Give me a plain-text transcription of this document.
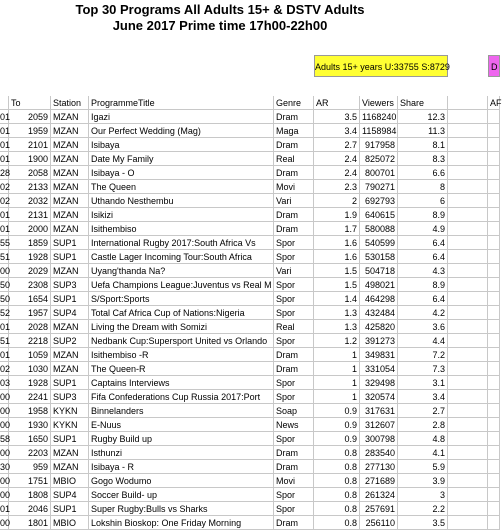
Top 30 Programs All Adults 15+ & DSTV Adults
June 2017 Prime time 17h00-22h00
Adults 15+ years U:33755 S:8729	D
To	Station	ProgrammeTitle	Genre	AR	Viewers Share	AF
01	2059 MZAN	Igazi	Dram	3.5 1168240	12.3
01	1959 MZAN	Our Perfect Wedding (Mag)	Maga	3.4 1158984	11.3
01	2101 MZAN	Isibaya	Dram	2.7 917958	8.1
01	1900 MZAN	Date My Family	Real	2.4 825072	8.3
28	2058 MZAN	Isibaya - O	Dram	2.4 800701	6.6
02	2133 MZAN	The Queen	Movi	2.3 790271	8
02	2032 MZAN	Uthando Nesthembu	Vari	2 692793	6
01	2131 MZAN	Isikizi	Dram	1.9 640615	8.9
01	2000 MZAN	Isithembiso	Dram	1.7 580088	4.9
55	1859 SUP1	International Rugby 2017:South Africa Vs	Spor	1.6 540599	6.4
51	1928 SUP1	Castle Lager Incoming Tour:South Africa	Spor	1.6 530158	6.4
00	2029 MZAN	Uyang'thanda Na?	Vari	1.5 504718	4.3
50	2308 SUP3	Uefa Champions League:Juventus vs Real M Spor	1.5 498021	8.9
50	1654 SUP1	S/Sport:Sports	Spor	1.4 464298	6.4
52	1957 SUP4	Total Caf Africa Cup of Nations:Nigeria	Spor	1.3 432484	4.2
01	2028 MZAN	Living the Dream with Somizi	Real	1.3 425820	3.6
51	2218 SUP2	Nedbank Cup:Supersport United vs Orlando Spor	1.2 391273	4.4
01	1059 MZAN	Isithembiso -R	Dram	1 349831	7.2
02	1030 MZAN	The Queen-R	Dram	1 331054	7.3
03	1928 SUP1	Captains Interviews	Spor	1 329498	3.1
00	2241 SUP3	Fifa Confederations Cup Russia 2017:Port	Spor	1 320574	3.4
00	1958 KYKN	Binnelanders	Soap	0.9 317631	2.7
00	1930 KYKN	E-Nuus	News	0.9 312607	2.8
58	1650 SUP1	Rugby Build up	Spor	0.9 300798	4.8
00	2203 MZAN	Isthunzi	Dram	0.8 283540	4.1
30	959 MZAN	Isibaya - R	Dram	0.8 277130	5.9
00	1751 MBIO	Gogo Wodumo	Movi	0.8 271689	3.9
00	1808 SUP4	Soccer Build- up	Spor	0.8 261324	3
01	2046 SUP1	Super Rugby:Bulls vs Sharks	Spor	0.8 257691	2.2
00	1801 MBIO	Lokshin Bioskop: One Friday Morning	Dram	0.8 256110	3.5
